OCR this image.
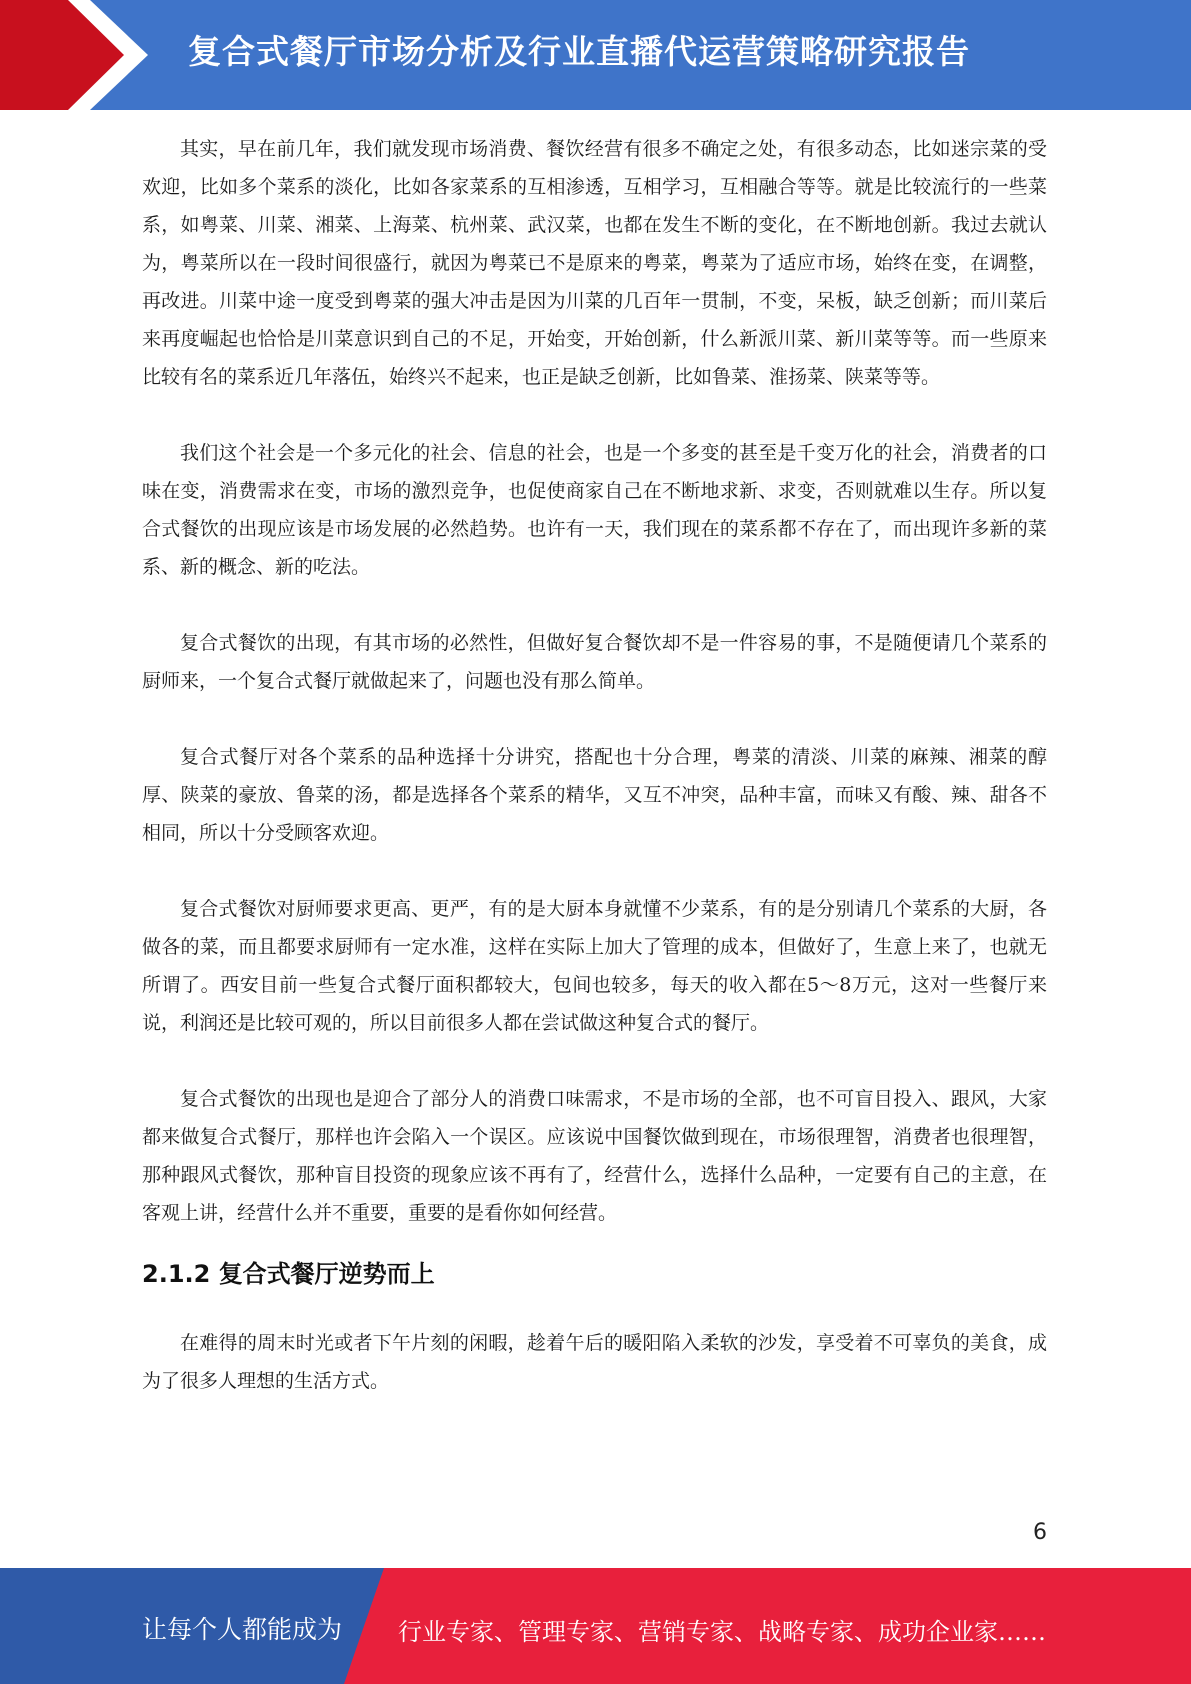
复合式餐厅市场分析及行业直播代运营策略研究报告

其实，早在前几年，我们就发现市场消费、餐饮经营有很多不确定之处，有很多动态，比如迷宗菜的受欢迎，比如多个菜系的淡化，比如各家菜系的互相渗透，互相学习，互相融合等等。就是比较流行的一些菜系，如粤菜、川菜、湘菜、上海菜、杭州菜、武汉菜，也都在发生不断的变化，在不断地创新。我过去就认为，粤菜所以在一段时间很盛行，就因为粤菜已不是原来的粤菜，粤菜为了适应市场，始终在变，在调整，再改进。川菜中途一度受到粤菜的强大冲击是因为川菜的几百年一贯制，不变，呆板，缺乏创新；而川菜后来再度崛起也恰恰是川菜意识到自己的不足，开始变，开始创新，什么新派川菜、新川菜等等。而一些原来比较有名的菜系近几年落伍，始终兴不起来，也正是缺乏创新，比如鲁菜、淮扬菜、陕菜等等。

我们这个社会是一个多元化的社会、信息的社会，也是一个多变的甚至是千变万化的社会，消费者的口味在变，消费需求在变，市场的激烈竞争，也促使商家自己在不断地求新、求变，否则就难以生存。所以复合式餐饮的出现应该是市场发展的必然趋势。也许有一天，我们现在的菜系都不存在了，而出现许多新的菜系、新的概念、新的吃法。

复合式餐饮的出现，有其市场的必然性，但做好复合餐饮却不是一件容易的事，不是随便请几个菜系的厨师来，一个复合式餐厅就做起来了，问题也没有那么简单。

复合式餐厅对各个菜系的品种选择十分讲究，搭配也十分合理，粤菜的清淡、川菜的麻辣、湘菜的醇厚、陕菜的豪放、鲁菜的汤，都是选择各个菜系的精华，又互不冲突，品种丰富，而味又有酸、辣、甜各不相同，所以十分受顾客欢迎。

复合式餐饮对厨师要求更高、更严，有的是大厨本身就懂不少菜系，有的是分别请几个菜系的大厨，各做各的菜，而且都要求厨师有一定水准，这样在实际上加大了管理的成本，但做好了，生意上来了，也就无所谓了。西安目前一些复合式餐厅面积都较大，包间也较多，每天的收入都在5～8万元，这对一些餐厅来说，利润还是比较可观的，所以目前很多人都在尝试做这种复合式的餐厅。

复合式餐饮的出现也是迎合了部分人的消费口味需求，不是市场的全部，也不可盲目投入、跟风，大家都来做复合式餐厅，那样也许会陷入一个误区。应该说中国餐饮做到现在，市场很理智，消费者也很理智，那种跟风式餐饮，那种盲目投资的现象应该不再有了，经营什么，选择什么品种，一定要有自己的主意，在客观上讲，经营什么并不重要，重要的是看你如何经营。

2.1.2 复合式餐厅逆势而上

在难得的周末时光或者下午片刻的闲暇，趁着午后的暖阳陷入柔软的沙发，享受着不可辜负的美食，成为了很多人理想的生活方式。

6
让每个人都能成为 行业专家、管理专家、营销专家、战略专家、成功企业家……
